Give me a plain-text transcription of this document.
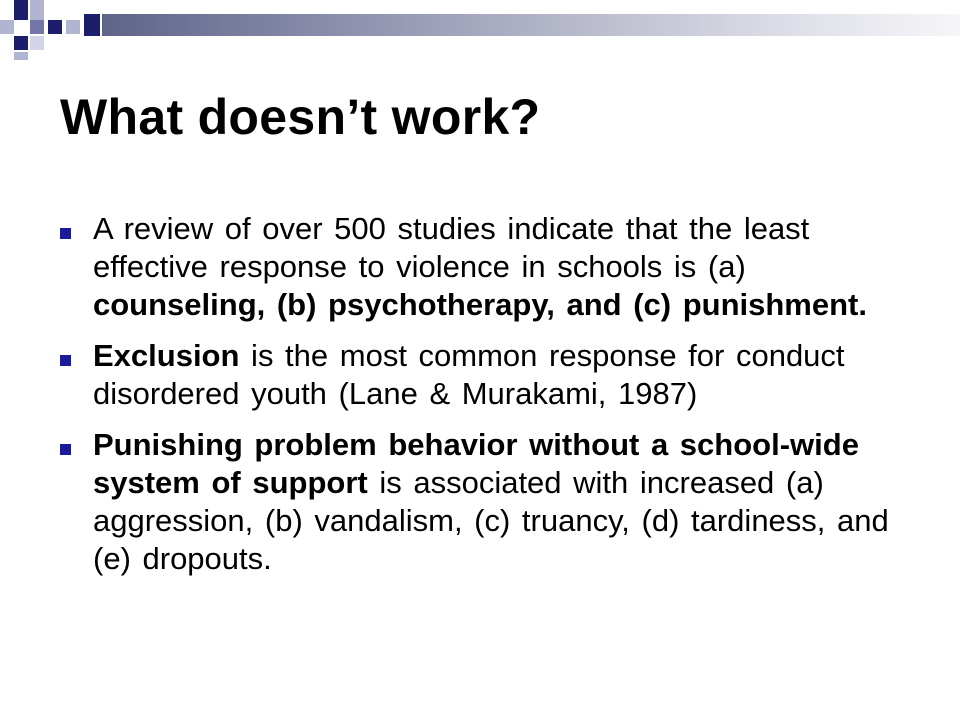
What doesn’t work?
A review of over 500 studies indicate that the least effective response to violence in schools is (a) counseling, (b) psychotherapy, and (c) punishment.
Exclusion is the most common response for conduct disordered youth (Lane & Murakami, 1987)
Punishing problem behavior without a school-wide system of support is associated with increased (a) aggression, (b) vandalism, (c) truancy, (d) tardiness, and (e) dropouts.
